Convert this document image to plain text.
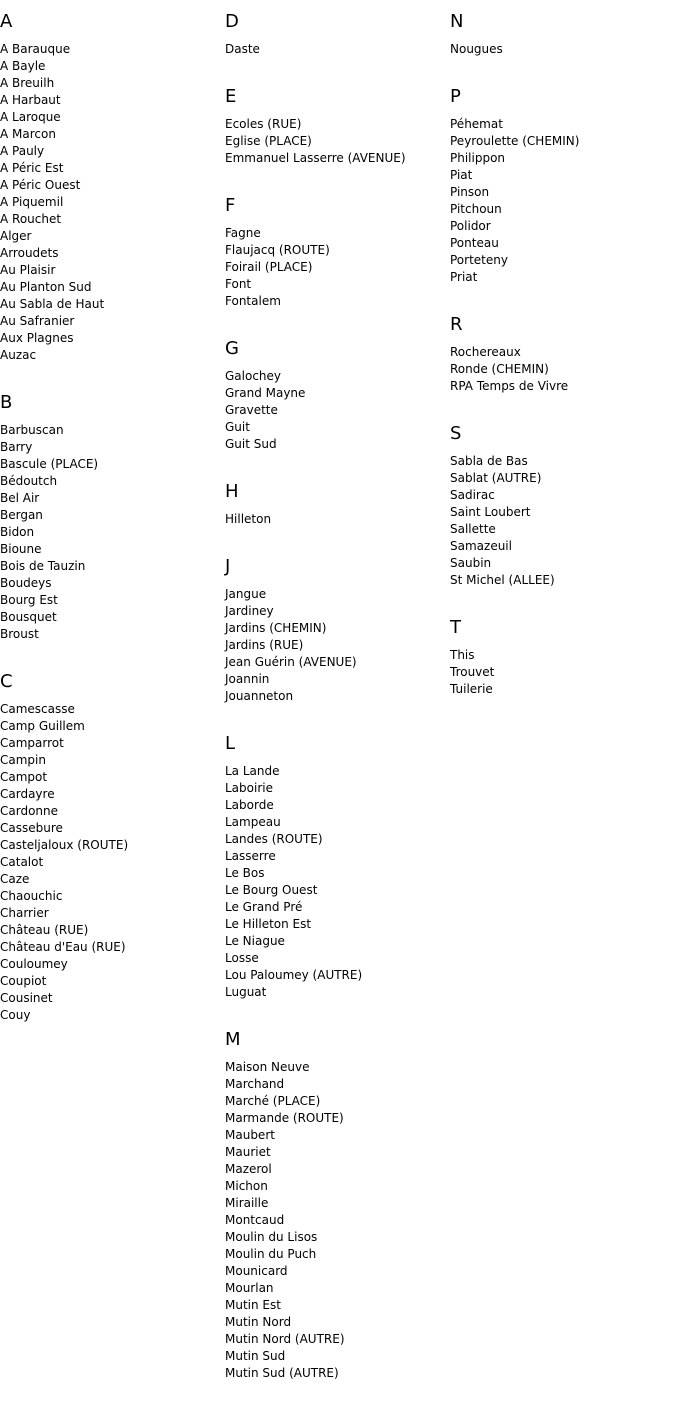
A
A Barauque
A Bayle
A Breuilh
A Harbaut
A Laroque
A Marcon
A Pauly
A Péric Est
A Péric Ouest
A Piquemil
A Rouchet
Alger
Arroudets
Au Plaisir
Au Planton Sud
Au Sabla de Haut
Au Safranier
Aux Plagnes
Auzac
B
Barbuscan
Barry
Bascule (PLACE)
Bédoutch
Bel Air
Bergan
Bidon
Bioune
Bois de Tauzin
Boudeys
Bourg Est
Bousquet
Broust
C
Camescasse
Camp Guillem
Camparrot
Campin
Campot
Cardayre
Cardonne
Cassebure
Casteljaloux (ROUTE)
Catalot
Caze
Chaouchic
Charrier
Château (RUE)
Château d'Eau (RUE)
Couloumey
Coupiot
Cousinet
Couy
D
Daste
E
Ecoles (RUE)
Eglise (PLACE)
Emmanuel Lasserre (AVENUE)
F
Fagne
Flaujacq (ROUTE)
Foirail (PLACE)
Font
Fontalem
G
Galochey
Grand Mayne
Gravette
Guit
Guit Sud
H
Hilleton
J
Jangue
Jardiney
Jardins (CHEMIN)
Jardins (RUE)
Jean Guérin (AVENUE)
Joannin
Jouanneton
L
La Lande
Laboirie
Laborde
Lampeau
Landes (ROUTE)
Lasserre
Le Bos
Le Bourg Ouest
Le Grand Pré
Le Hilleton Est
Le Niague
Losse
Lou Paloumey (AUTRE)
Luguat
M
Maison Neuve
Marchand
Marché (PLACE)
Marmande (ROUTE)
Maubert
Mauriet
Mazerol
Michon
Miraille
Montcaud
Moulin du Lisos
Moulin du Puch
Mounicard
Mourlan
Mutin Est
Mutin Nord
Mutin Nord (AUTRE)
Mutin Sud
Mutin Sud (AUTRE)
N
Nougues
P
Péhemat
Peyroulette (CHEMIN)
Philippon
Piat
Pinson
Pitchoun
Polidor
Ponteau
Porteteny
Priat
R
Rochereaux
Ronde (CHEMIN)
RPA Temps de Vivre
S
Sabla de Bas
Sablat (AUTRE)
Sadirac
Saint Loubert
Sallette
Samazeuil
Saubin
St Michel (ALLEE)
T
This
Trouvet
Tuilerie
